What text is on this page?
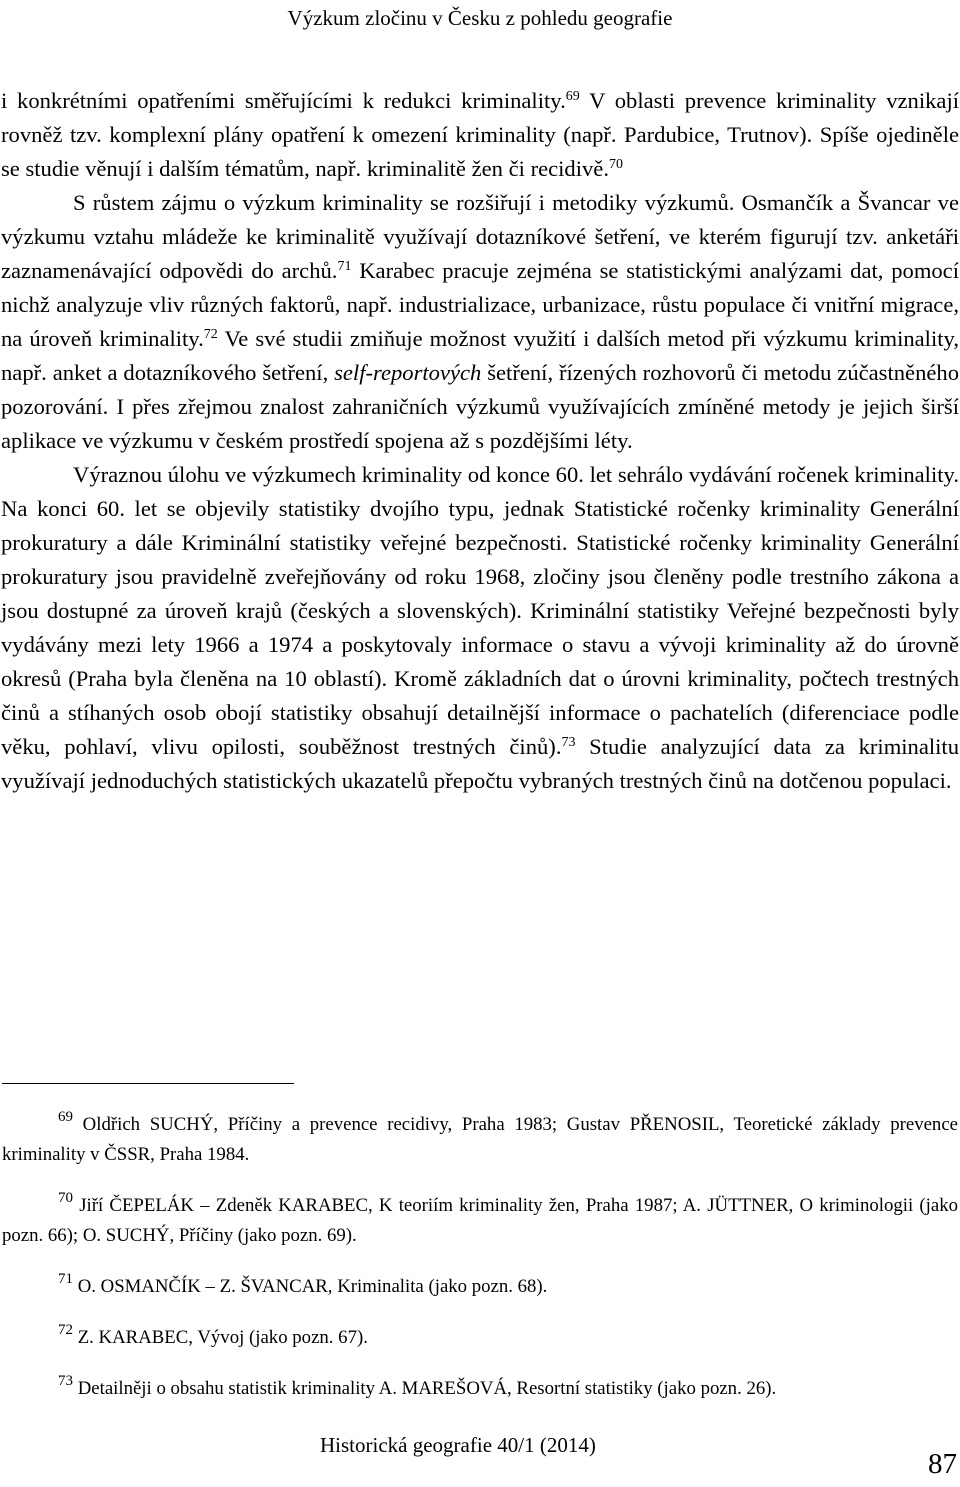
Výzkum zločinu v Česku z pohledu geografie

i konkrétními opatřeními směřujícími k redukci kriminality.$^{69}$ V oblasti prevence kriminality vznikají rovněž tzv. komplexní plány opatření k omezení kriminality (např. Pardubice, Trutnov). Spíše ojediněle se studie věnují i dalším tématům, např. kriminalitě žen či recidivě.$^{70}$

S růstem zájmu o výzkum kriminality se rozšiřují i metodiky výzkumů. Osmančík a Švancar ve výzkumu vztahu mládeže ke kriminalitě využívají dotazníkové šetření, ve kterém figurují tzv. anketáři zaznamenávající odpovědi do archů.$^{71}$ Karabec pracuje zejména se statistickými analýzami dat, pomocí nichž analyzuje vliv různých faktorů, např. industrializace, urbanizace, růstu populace či vnitřní migrace, na úroveň kriminality.$^{72}$ Ve své studii zmiňuje možnost využití i dalších metod při výzkumu kriminality, např. anket a dotazníkového šetření, self-reportových šetření, řízených rozhovorů či metodu zúčastněného pozorování. I přes zřejmou znalost zahraničních výzkumů využívajících zmíněné metody je jejich širší aplikace ve výzkumu v českém prostředí spojena až s pozdějšími léty.

Výraznou úlohu ve výzkumech kriminality od konce 60. let sehrálo vydávání ročenek kriminality. Na konci 60. let se objevily statistiky dvojího typu, jednak Statistické ročenky kriminality Generální prokuratury a dále Kriminální statistiky veřejné bezpečnosti. Statistické ročenky kriminality Generální prokuratury jsou pravidelně zveřejňovány od roku 1968, zločiny jsou členěny podle trestního zákona a jsou dostupné za úroveň krajů (českých a slovenských). Kriminální statistiky Veřejné bezpečnosti byly vydávány mezi lety 1966 a 1974 a poskytovaly informace o stavu a vývoji kriminality až do úrovně okresů (Praha byla členěna na 10 oblastí). Kromě základních dat o úrovni kriminality, počtech trestných činů a stíhaných osob obojí statistiky obsahují detailnější informace o pachatelích (diferenciace podle věku, pohlaví, vlivu opilosti, souběžnost trestných činů).$^{73}$ Studie analyzující data za kriminalitu využívají jednoduchých statistických ukazatelů přepočtu vybraných trestných činů na dotčenou populaci.

$^{69}$ Oldřich SUCHÝ, Příčiny a prevence recidivy, Praha 1983; Gustav PŘENOSIL, Teoretické základy prevence kriminality v ČSSR, Praha 1984.

$^{70}$ Jiří ČEPELÁK – Zdeněk KARABEC, K teoriím kriminality žen, Praha 1987; A. JÜTTNER, O kriminologii (jako pozn. 66); O. SUCHÝ, Příčiny (jako pozn. 69).

$^{71}$ O. OSMANČÍK – Z. ŠVANCAR, Kriminalita (jako pozn. 68).

$^{72}$ Z. KARABEC, Vývoj (jako pozn. 67).

$^{73}$ Detailněji o obsahu statistik kriminality A. MAREŠOVÁ, Resortní statistiky (jako pozn. 26).

Historická geografie 40/1 (2014)
87
